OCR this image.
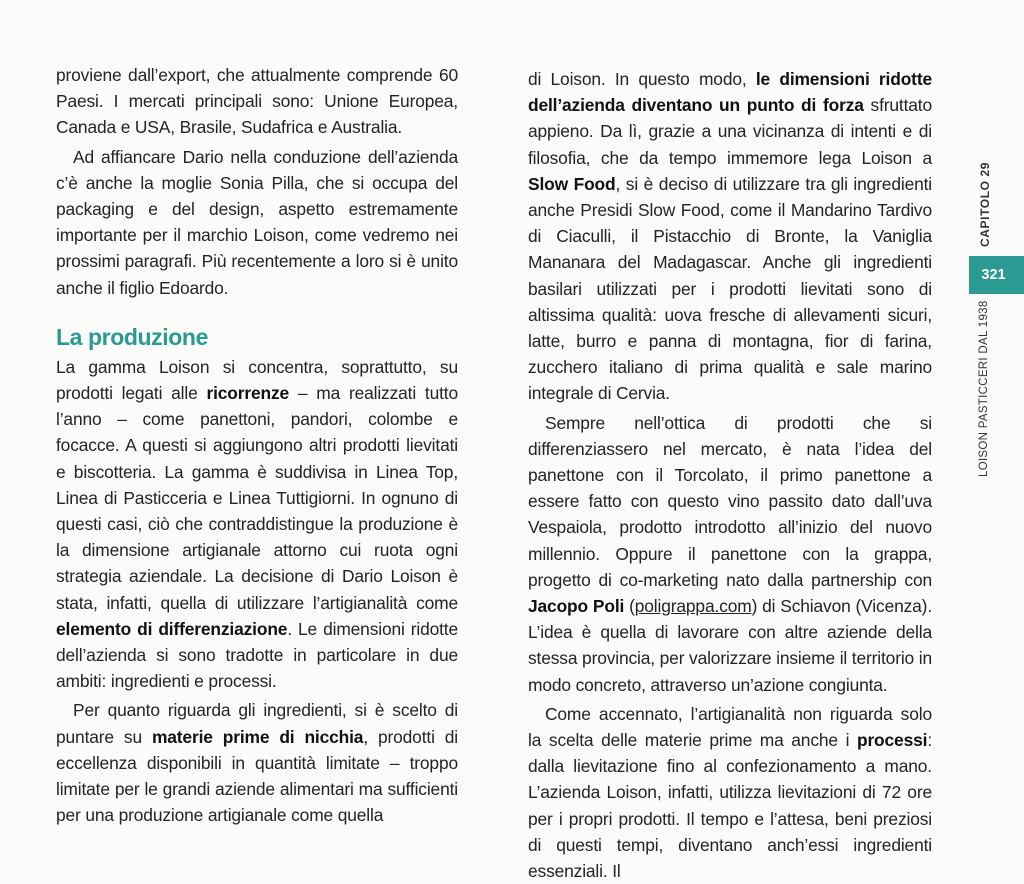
proviene dall’export, che attualmente comprende 60 Paesi. I mercati principali sono: Unione Europea, Canada e USA, Brasile, Sudafrica e Australia.

Ad affiancare Dario nella conduzione dell’azienda c’è anche la moglie Sonia Pilla, che si occupa del packaging e del design, aspetto estremamente importante per il marchio Loison, come vedremo nei prossimi paragrafi. Più recentemente a loro si è unito anche il figlio Edoardo.

La produzione

La gamma Loison si concentra, soprattutto, su prodotti legati alle ricorrenze – ma realizzati tutto l’anno – come panettoni, pandori, colombe e focacce. A questi si aggiungono altri prodotti lievitati e biscotteria. La gamma è suddivisa in Linea Top, Linea di Pasticceria e Linea Tuttigiorni. In ognuno di questi casi, ciò che contraddistingue la produzione è la dimensione artigianale attorno cui ruota ogni strategia aziendale. La decisione di Dario Loison è stata, infatti, quella di utilizzare l’artigianalità come elemento di differenziazione. Le dimensioni ridotte dell’azienda si sono tradotte in particolare in due ambiti: ingredienti e processi.

Per quanto riguarda gli ingredienti, si è scelto di puntare su materie prime di nicchia, prodotti di eccellenza disponibili in quantità limitate – troppo limitate per le grandi aziende alimentari ma sufficienti per una produzione artigianale come quella

di Loison. In questo modo, le dimensioni ridotte dell’azienda diventano un punto di forza sfruttato appieno. Da lì, grazie a una vicinanza di intenti e di filosofia, che da tempo immemore lega Loison a Slow Food, si è deciso di utilizzare tra gli ingredienti anche Presidi Slow Food, come il Mandarino Tardivo di Ciaculli, il Pistacchio di Bronte, la Vaniglia Mananara del Madagascar. Anche gli ingredienti basilari utilizzati per i prodotti lievitati sono di altissima qualità: uova fresche di allevamenti sicuri, latte, burro e panna di montagna, fior di farina, zucchero italiano di prima qualità e sale marino integrale di Cervia.

Sempre nell’ottica di prodotti che si differenziassero nel mercato, è nata l’idea del panettone con il Torcolato, il primo panettone a essere fatto con questo vino passito dato dall’uva Vespaiola, prodotto introdotto all’inizio del nuovo millennio. Oppure il panettone con la grappa, progetto di co-marketing nato dalla partnership con Jacopo Poli (poligrappa.com) di Schiavon (Vicenza). L’idea è quella di lavorare con altre aziende della stessa provincia, per valorizzare insieme il territorio in modo concreto, attraverso un’azione congiunta.

Come accennato, l’artigianalità non riguarda solo la scelta delle materie prime ma anche i processi: dalla lievitazione fino al confezionamento a mano. L’azienda Loison, infatti, utilizza lievitazioni di 72 ore per i propri prodotti. Il tempo e l’attesa, beni preziosi di questi tempi, diventano anch’essi ingredienti essenziali. Il

CAPITOLO 29
321
LOISON PASTICCERI DAL 1938
